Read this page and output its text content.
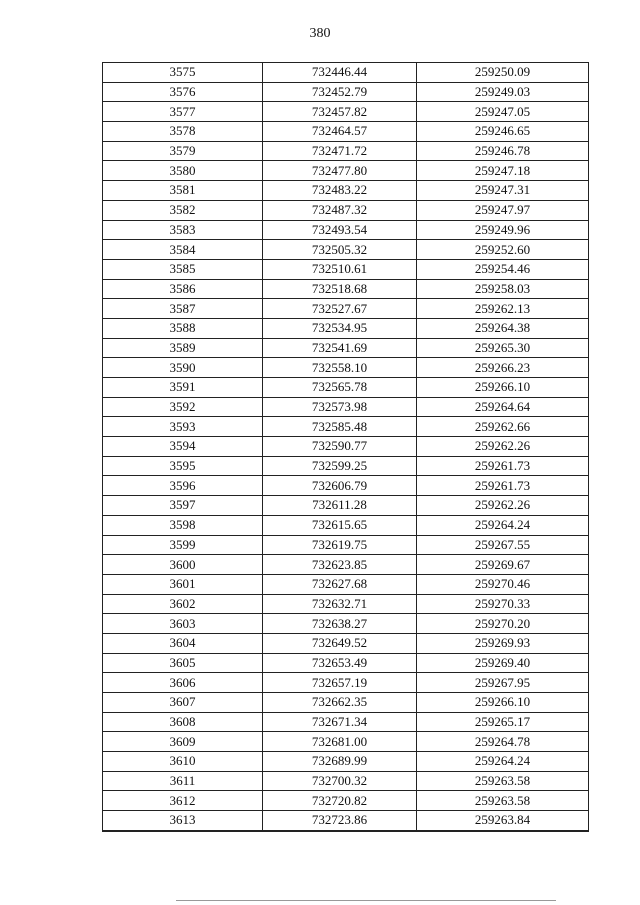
380
3575	732446.44	259250.09
3576	732452.79	259249.03
3577	732457.82	259247.05
3578	732464.57	259246.65
3579	732471.72	259246.78
3580	732477.80	259247.18
3581	732483.22	259247.31
3582	732487.32	259247.97
3583	732493.54	259249.96
3584	732505.32	259252.60
3585	732510.61	259254.46
3586	732518.68	259258.03
3587	732527.67	259262.13
3588	732534.95	259264.38
3589	732541.69	259265.30
3590	732558.10	259266.23
3591	732565.78	259266.10
3592	732573.98	259264.64
3593	732585.48	259262.66
3594	732590.77	259262.26
3595	732599.25	259261.73
3596	732606.79	259261.73
3597	732611.28	259262.26
3598	732615.65	259264.24
3599	732619.75	259267.55
3600	732623.85	259269.67
3601	732627.68	259270.46
3602	732632.71	259270.33
3603	732638.27	259270.20
3604	732649.52	259269.93
3605	732653.49	259269.40
3606	732657.19	259267.95
3607	732662.35	259266.10
3608	732671.34	259265.17
3609	732681.00	259264.78
3610	732689.99	259264.24
3611	732700.32	259263.58
3612	732720.82	259263.58
3613	732723.86	259263.84
